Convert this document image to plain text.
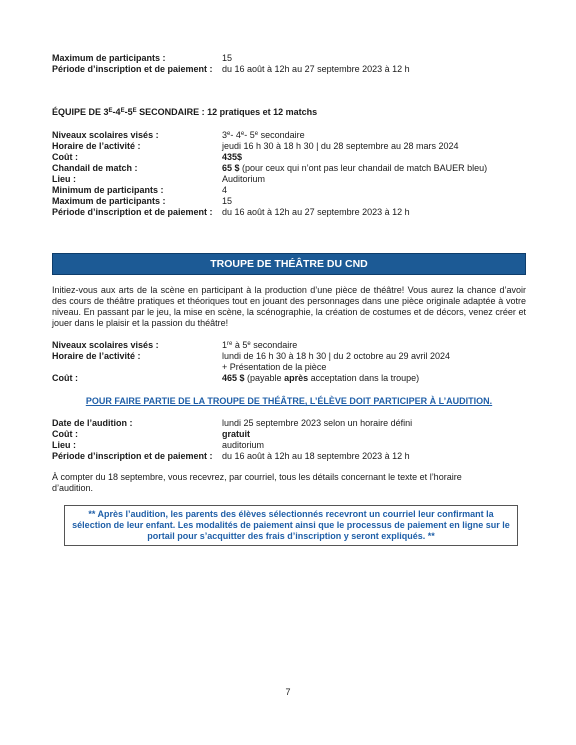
Maximum de participants :	15
Période d’inscription et de paiement :	du 16 août à 12h au 27 septembre 2023 à 12 h
ÉQUIPE DE $3^E-4^E-5^E$ SECONDAIRE : 12 pratiques et 12 matchs
Niveaux scolaires visés :	3e- 4e- 5e secondaire
Horaire de l’activité :	jeudi 16 h 30 à 18 h 30 | du 28 septembre au 28 mars 2024
Coût :	435$
Chandail de match :	65 $ (pour ceux qui n’ont pas leur chandail de match BAUER bleu)
Lieu :	Auditorium
Minimum de participants :	4
Maximum de participants :	15
Période d’inscription et de paiement :	du 16 août à 12h au 27 septembre 2023 à 12 h
TROUPE DE THÉÂTRE DU CND
Initiez-vous aux arts de la scène en participant à la production d’une pièce de théâtre! Vous aurez la chance d’avoir des cours de théâtre pratiques et théoriques tout en jouant des personnages dans une pièce originale adaptée à votre niveau. En passant par le jeu, la mise en scène, la scénographie, la création de costumes et de décors, venez créer et jouer dans le plaisir et la passion du théâtre!
Niveaux scolaires visés :	1re à 5e secondaire
Horaire de l’activité :	lundi de 16 h 30 à 18 h 30 | du 2 octobre au 29 avril 2024
+ Présentation de la pièce
Coût :	465 $ (payable après acceptation dans la troupe)
POUR FAIRE PARTIE DE LA TROUPE DE THÉÂTRE, L’ÉLÈVE DOIT PARTICIPER À L’AUDITION.
Date de l’audition :	lundi 25 septembre 2023 selon un horaire défini
Coût :	gratuit
Lieu :	auditorium
Période d’inscription et de paiement :	du 16 août à 12h au 18 septembre 2023 à 12 h
À compter du 18 septembre, vous recevrez, par courriel, tous les détails concernant le texte et l’horaire d’audition.
** Après l’audition, les parents des élèves sélectionnés recevront un courriel leur confirmant la sélection de leur enfant. Les modalités de paiement ainsi que le processus de paiement en ligne sur le portail pour s’acquitter des frais d’inscription y seront expliqués. **
7
